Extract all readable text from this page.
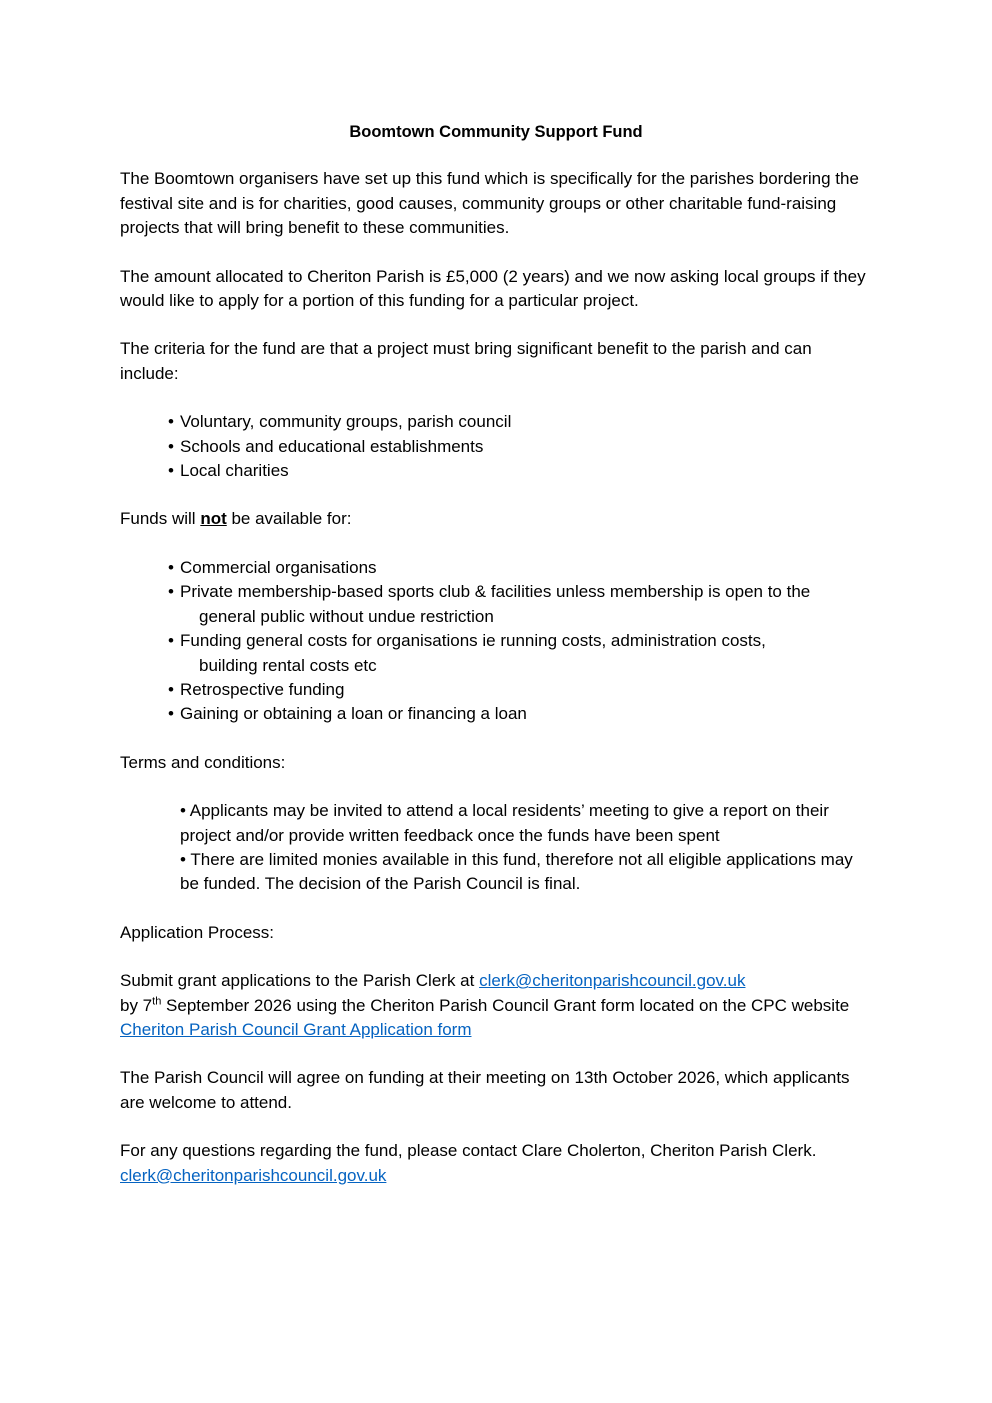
Boomtown Community Support Fund

The Boomtown organisers have set up this fund which is specifically for the parishes bordering the festival site and is for charities, good causes, community groups or other charitable fund-raising projects that will bring benefit to these communities.

The amount allocated to Cheriton Parish is £5,000 (2 years) and we now asking local groups if they would like to apply for a portion of this funding for a particular project.

The criteria for the fund are that a project must bring significant benefit to the parish and can include:

• Voluntary, community groups, parish council
• Schools and educational establishments
• Local charities

Funds will not be available for:

• Commercial organisations
• Private membership-based sports club & facilities unless membership is open to the
general public without undue restriction
• Funding general costs for organisations ie running costs, administration costs,
building rental costs etc
• Retrospective funding
• Gaining or obtaining a loan or financing a loan

Terms and conditions:

• Applicants may be invited to attend a local residents’ meeting to give a report on their project and/or provide written feedback once the funds have been spent
• There are limited monies available in this fund, therefore not all eligible applications may be funded. The decision of the Parish Council is final.

Application Process:

Submit grant applications to the Parish Clerk at clerk@cheritonparishcouncil.gov.uk
by 7th September 2026 using the Cheriton Parish Council Grant form located on the CPC website Cheriton Parish Council Grant Application form

The Parish Council will agree on funding at their meeting on 13th October 2026, which applicants are welcome to attend.

For any questions regarding the fund, please contact Clare Cholerton, Cheriton Parish Clerk.
clerk@cheritonparishcouncil.gov.uk
